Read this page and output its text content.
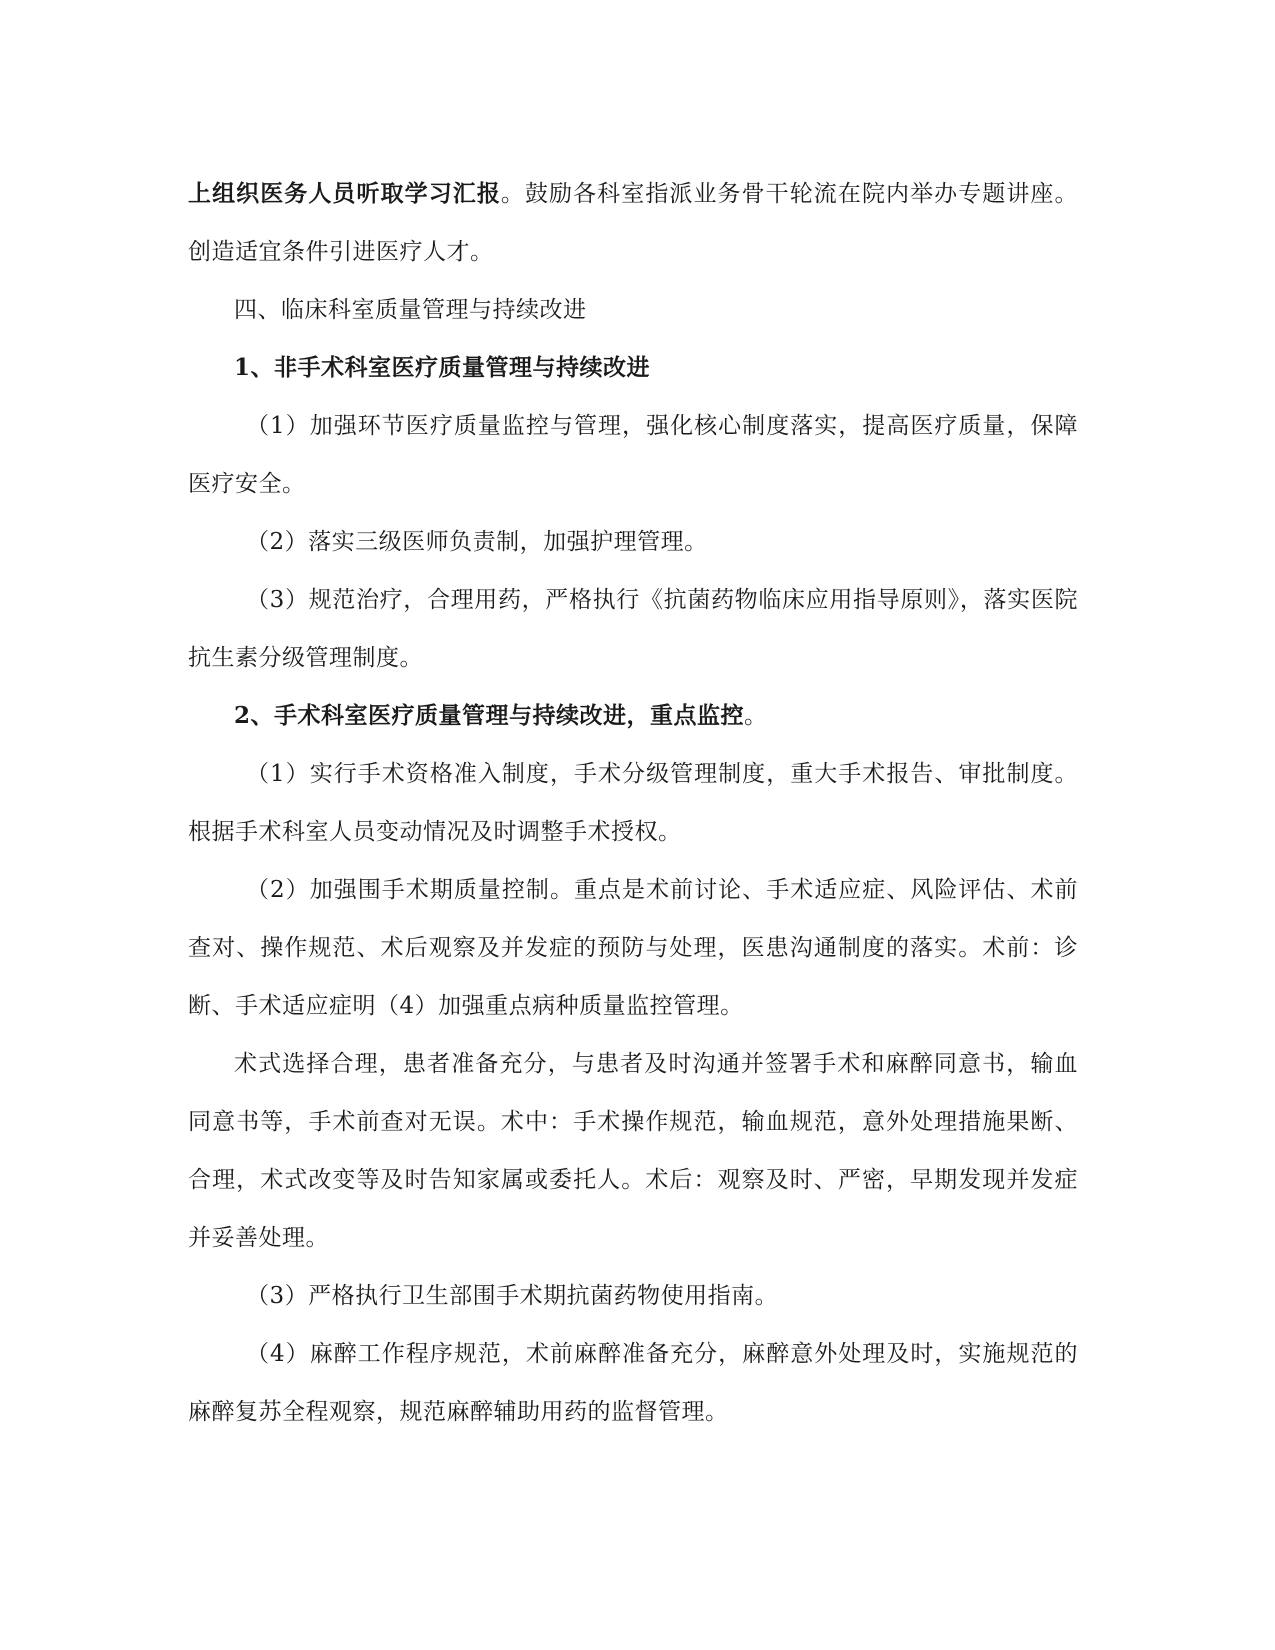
上组织医务人员听取学习汇报。鼓励各科室指派业务骨干轮流在院内举办专题讲座。创造适宜条件引进医疗人才。

四、临床科室质量管理与持续改进

1、非手术科室医疗质量管理与持续改进

（1）加强环节医疗质量监控与管理，强化核心制度落实，提高医疗质量，保障医疗安全。

（2）落实三级医师负责制，加强护理管理。

（3）规范治疗，合理用药，严格执行《抗菌药物临床应用指导原则》，落实医院抗生素分级管理制度。

2、手术科室医疗质量管理与持续改进，重点监控。

（1）实行手术资格准入制度，手术分级管理制度，重大手术报告、审批制度。根据手术科室人员变动情况及时调整手术授权。

（2）加强围手术期质量控制。重点是术前讨论、手术适应症、风险评估、术前查对、操作规范、术后观察及并发症的预防与处理，医患沟通制度的落实。术前：诊断、手术适应症明（4）加强重点病种质量监控管理。

术式选择合理，患者准备充分，与患者及时沟通并签署手术和麻醉同意书，输血同意书等，手术前查对无误。术中：手术操作规范，输血规范，意外处理措施果断、合理，术式改变等及时告知家属或委托人。术后：观察及时、严密，早期发现并发症并妥善处理。

（3）严格执行卫生部围手术期抗菌药物使用指南。

（4）麻醉工作程序规范，术前麻醉准备充分，麻醉意外处理及时，实施规范的麻醉复苏全程观察，规范麻醉辅助用药的监督管理。
